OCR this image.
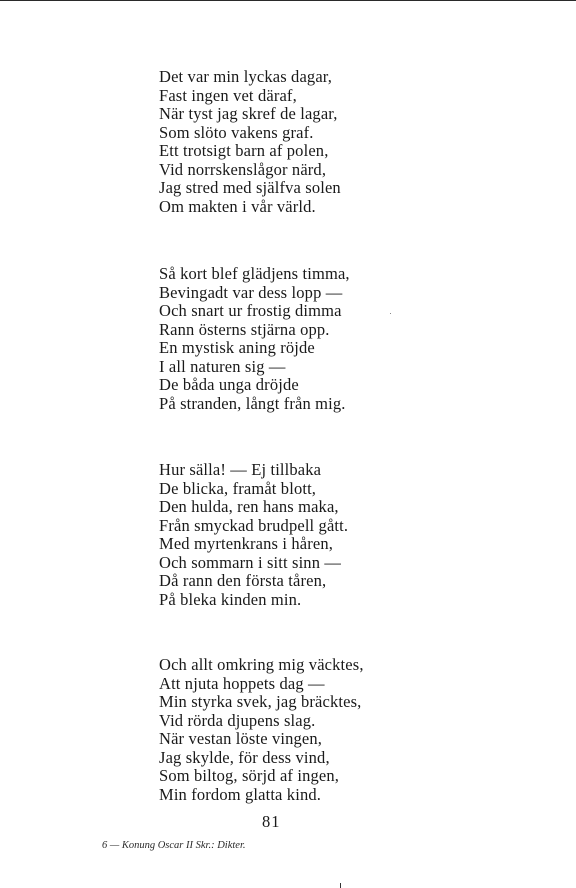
Det var min lyckas dagar,
Fast ingen vet däraf,
När tyst jag skref de lagar,
Som slöto vakens graf.
Ett trotsigt barn af polen,
Vid norrskenslågor närd,
Jag stred med själfva solen
Om makten i vår värld.
Så kort blef glädjens timma,
Bevingadt var dess lopp —
Och snart ur frostig dimma
Rann österns stjärna opp.
En mystisk aning röjde
I all naturen sig —
De båda unga dröjde
På stranden, långt från mig.
Hur sälla! — Ej tillbaka
De blicka, framåt blott,
Den hulda, ren hans maka,
Från smyckad brudpell gått.
Med myrtenkrans i håren,
Och sommarn i sitt sinn —
Då rann den första tåren,
På bleka kinden min.
Och allt omkring mig väcktes,
Att njuta hoppets dag —
Min styrka svek, jag bräcktes,
Vid rörda djupens slag.
När vestan löste vingen,
Jag skylde, för dess vind,
Som biltog, sörjd af ingen,
Min fordom glatta kind.
81
6 — Konung Oscar II Skr.: Dikter.
